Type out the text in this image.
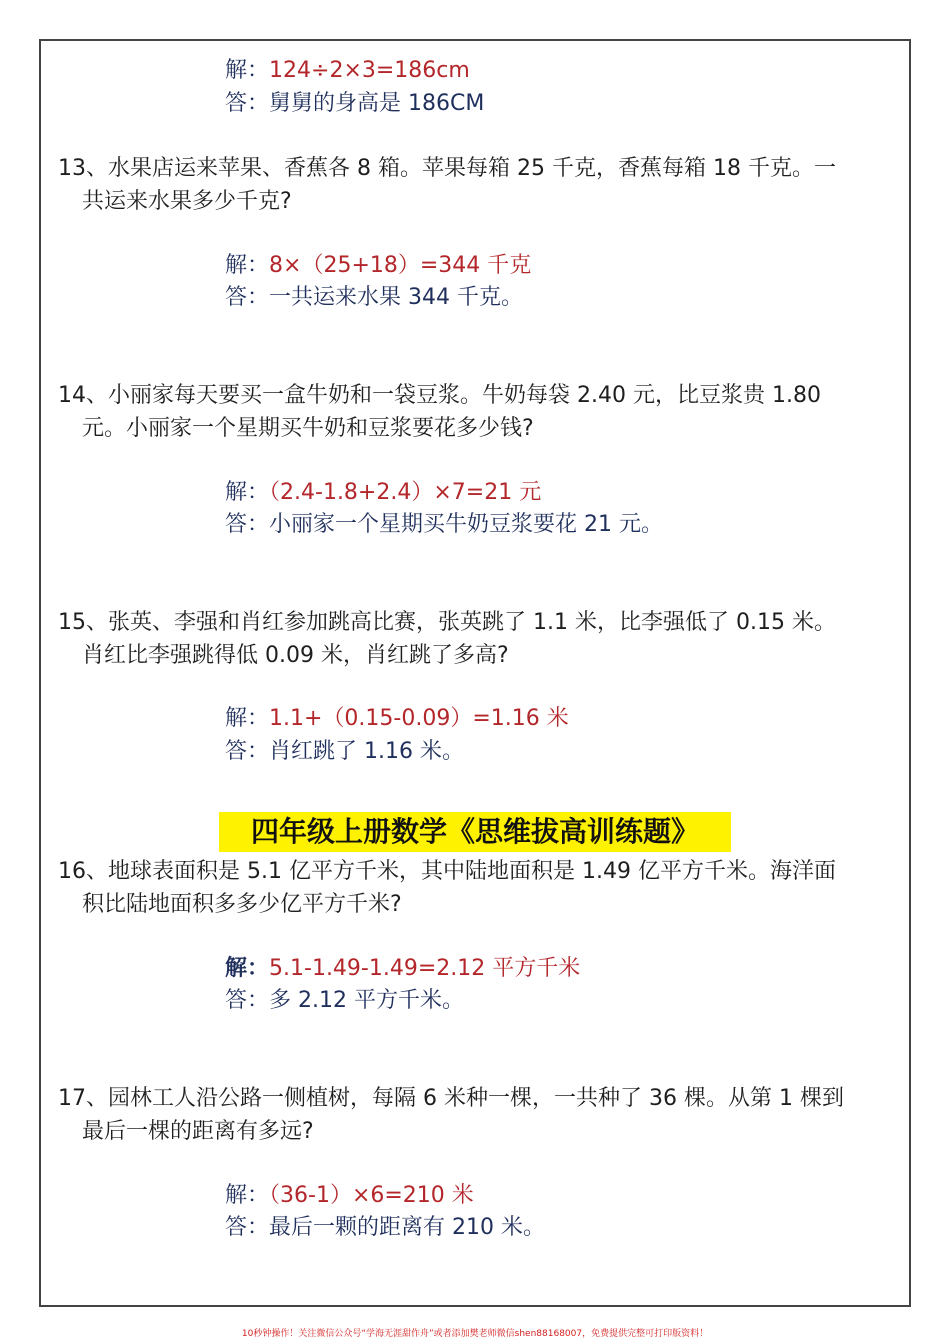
解：124÷2×3=186cm
答：舅舅的身高是 186CM
13、水果店运来苹果、香蕉各 8 箱。苹果每箱 25 千克，香蕉每箱 18 千克。一
共运来水果多少千克?
解：8×（25+18）=344 千克
答：一共运来水果 344 千克。
14、小丽家每天要买一盒牛奶和一袋豆浆。牛奶每袋 2.40 元，比豆浆贵 1.80
元。小丽家一个星期买牛奶和豆浆要花多少钱?
解：（2.4-1.8+2.4）×7=21 元
答：小丽家一个星期买牛奶豆浆要花 21 元。
15、张英、李强和肖红参加跳高比赛，张英跳了 1.1 米，比李强低了 0.15 米。
肖红比李强跳得低 0.09 米，肖红跳了多高?
解：1.1+（0.15-0.09）=1.16 米
答：肖红跳了 1.16 米。
四年级上册数学《思维拔高训练题》
16、地球表面积是 5.1 亿平方千米，其中陆地面积是 1.49 亿平方千米。海洋面
积比陆地面积多多少亿平方千米?
解：5.1-1.49-1.49=2.12 平方千米
答：多 2.12 平方千米。
17、园林工人沿公路一侧植树，每隔 6 米种一棵，一共种了 36 棵。从第 1 棵到
最后一棵的距离有多远?
解：（36-1）×6=210 米
答：最后一颗的距离有 210 米。
10秒钟操作！关注微信公众号“学海无涯甜作舟”或者添加樊老师微信shen88168007，免费提供完整可打印版资料！
